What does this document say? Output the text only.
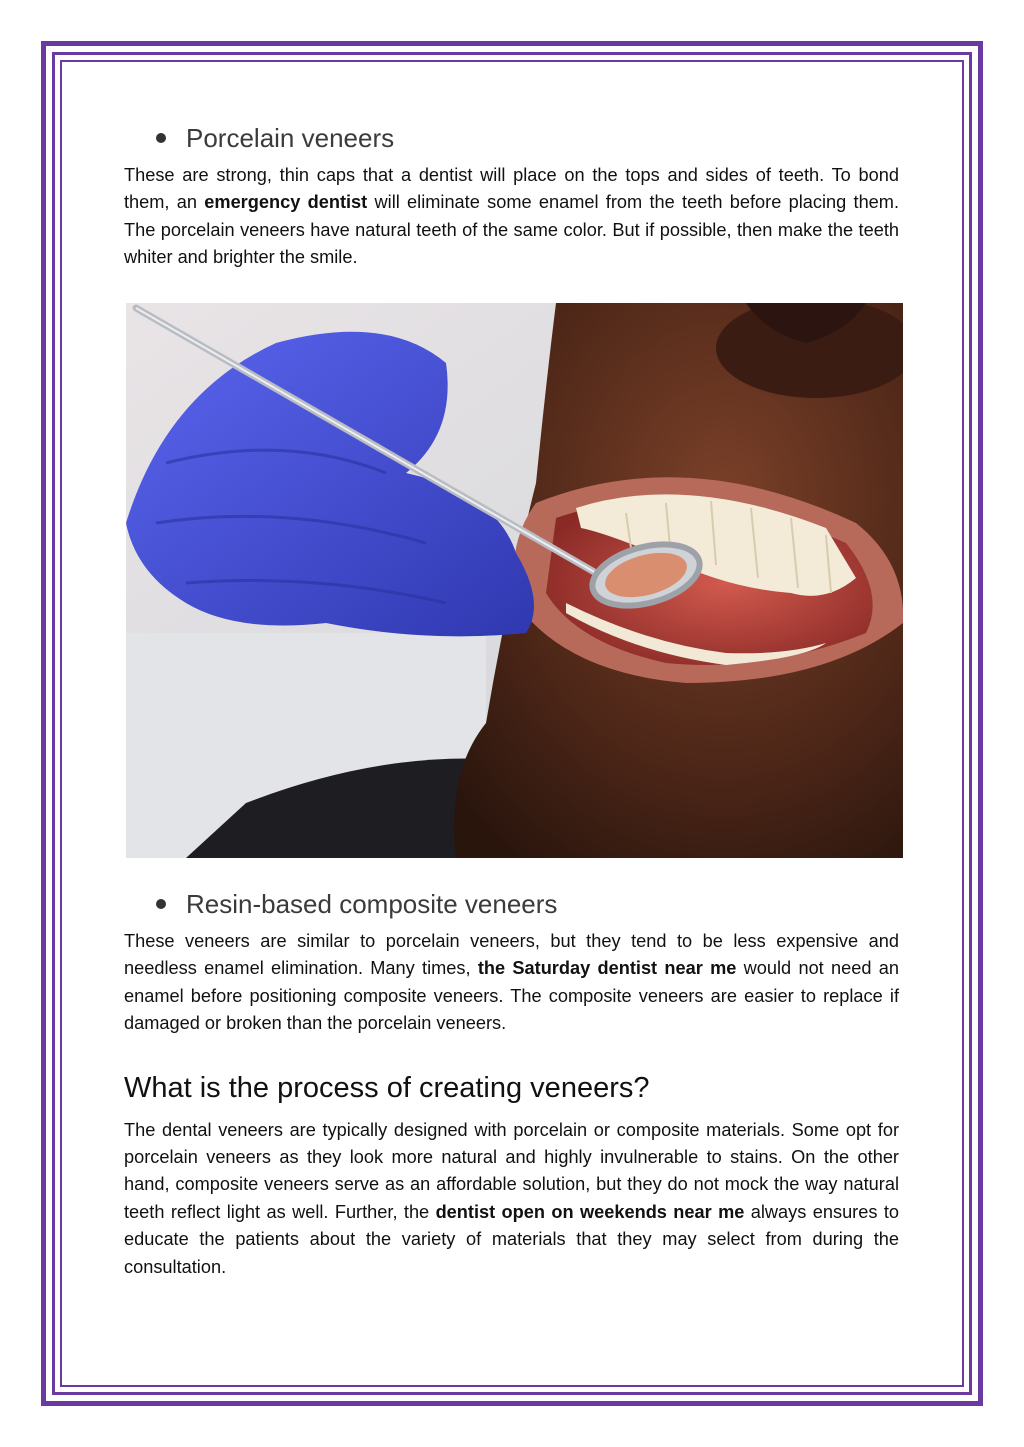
Porcelain veneers

These are strong, thin caps that a dentist will place on the tops and sides of teeth. To bond them, an emergency dentist will eliminate some enamel from the teeth before placing them. The porcelain veneers have natural teeth of the same color. But if possible, then make the teeth whiter and brighter the smile.

Resin-based composite veneers

These veneers are similar to porcelain veneers, but they tend to be less expensive and needless enamel elimination. Many times, the Saturday dentist near me would not need an enamel before positioning composite veneers. The composite veneers are easier to replace if damaged or broken than the porcelain veneers.

What is the process of creating veneers?

The dental veneers are typically designed with porcelain or composite materials. Some opt for porcelain veneers as they look more natural and highly invulnerable to stains. On the other hand, composite veneers serve as an affordable solution, but they do not mock the way natural teeth reflect light as well. Further, the dentist open on weekends near me always ensures to educate the patients about the variety of materials that they may select from during the consultation.
